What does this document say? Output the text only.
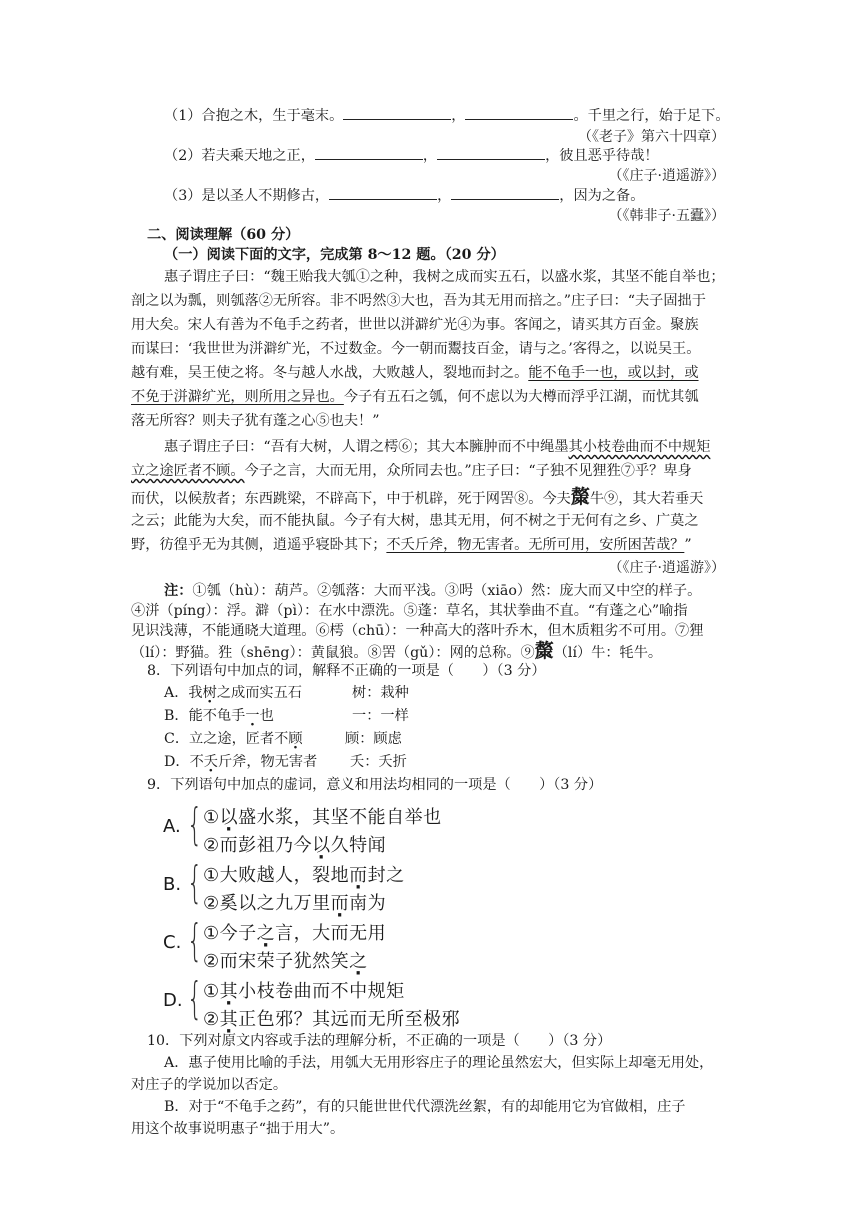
（1）合抱之木，生于毫末。	，	。千里之行，始于足下。
（《老子》第六十四章）
（2）若夫乘天地之正，	，	，彼且恶乎待哉！
（《庄子·逍遥游》）
（3）是以圣人不期修古，	，	，因为之备。
（《韩非子·五蠹》）
二、阅读理解（60 分）
（一）阅读下面的文字，完成第 8～12 题。（20 分）
惠子谓庄子曰：“魏王贻我大瓠①之种，我树之成而实五石，以盛水浆，其坚不能自举也；
剖之以为瓢，则瓠落②无所容。非不呺然③大也，吾为其无用而掊之。”庄子曰：“夫子固拙于
用大矣。宋人有善为不龟手之药者，世世以洴澼纩光④为事。客闻之，请买其方百金。聚族
而谋曰：‘我世世为洴澼纩光，不过数金。今一朝而鬻技百金，请与之。’客得之，以说吴王。
越有难，吴王使之将。冬与越人水战，大败越人，裂地而封之。能不龟手一也，或以封，或
不免于洴澼纩光，则所用之异也。今子有五石之瓠，何不虑以为大樽而浮乎江湖，而忧其瓠
落无所容？则夫子犹有蓬之心⑤也夫！”
惠子谓庄子曰：“吾有大树，人谓之樗⑥；其大本臃肿而不中绳墨其小枝卷曲而不中规矩
立之途匠者不顾。今子之言，大而无用，众所同去也。”庄子曰：“子独不见狸狌⑦乎？卑身
而伏，以候敖者；东西跳梁，不辟高下，中于机辟，死于网罟⑧。今夫斄牛⑨，其大若垂天
之云；此能为大矣，而不能执鼠。今子有大树，患其无用，何不树之于无何有之乡、广莫之
野，彷徨乎无为其侧，逍遥乎寝卧其下；不夭斤斧，物无害者。无所可用，安所困苦哉？”
（《庄子·逍遥游》）
注：①瓠（hù）：葫芦。②瓠落：大而平浅。③呺（xiāo）然：庞大而又中空的样子。
④洴（píng）：浮。澼（pì）：在水中漂洗。⑤蓬：草名，其状拳曲不直。“有蓬之心”喻指
见识浅薄，不能通晓大道理。⑥樗（chū）：一种高大的落叶乔木，但木质粗劣不可用。⑦狸
（lí）：野猫。狌（shēng）：黄鼠狼。⑧罟（gǔ）：网的总称。⑨斄（lí）牛：牦牛。
8．下列语句中加点的词，解释不正确的一项是（　　）（3 分）
A．我树之成而实五石	树：栽种
B．能不龟手一也	一：一样
C．立之途，匠者不顾	顾：顾虑
D．不夭斤斧，物无害者 夭：夭折
9．下列语句中加点的虚词，意义和用法均相同的一项是（　　）（3 分）
A. { ①以盛水浆，其坚不能自举也
②而彭祖乃今以久特闻
B. { ①大败越人，裂地而封之
②奚以之九万里而南为
C. { ①今子之言，大而无用
②而宋荣子犹然笑之
D. { ①其小枝卷曲而不中规矩
②其正色邪？其远而无所至极邪
10．下列对原文内容或手法的理解分析，不正确的一项是（　　）（3 分）
A．惠子使用比喻的手法，用瓠大无用形容庄子的理论虽然宏大，但实际上却毫无用处，
对庄子的学说加以否定。
B．对于“不龟手之药”，有的只能世世代代漂洗丝絮，有的却能用它为官做相，庄子
用这个故事说明惠子“拙于用大”。
